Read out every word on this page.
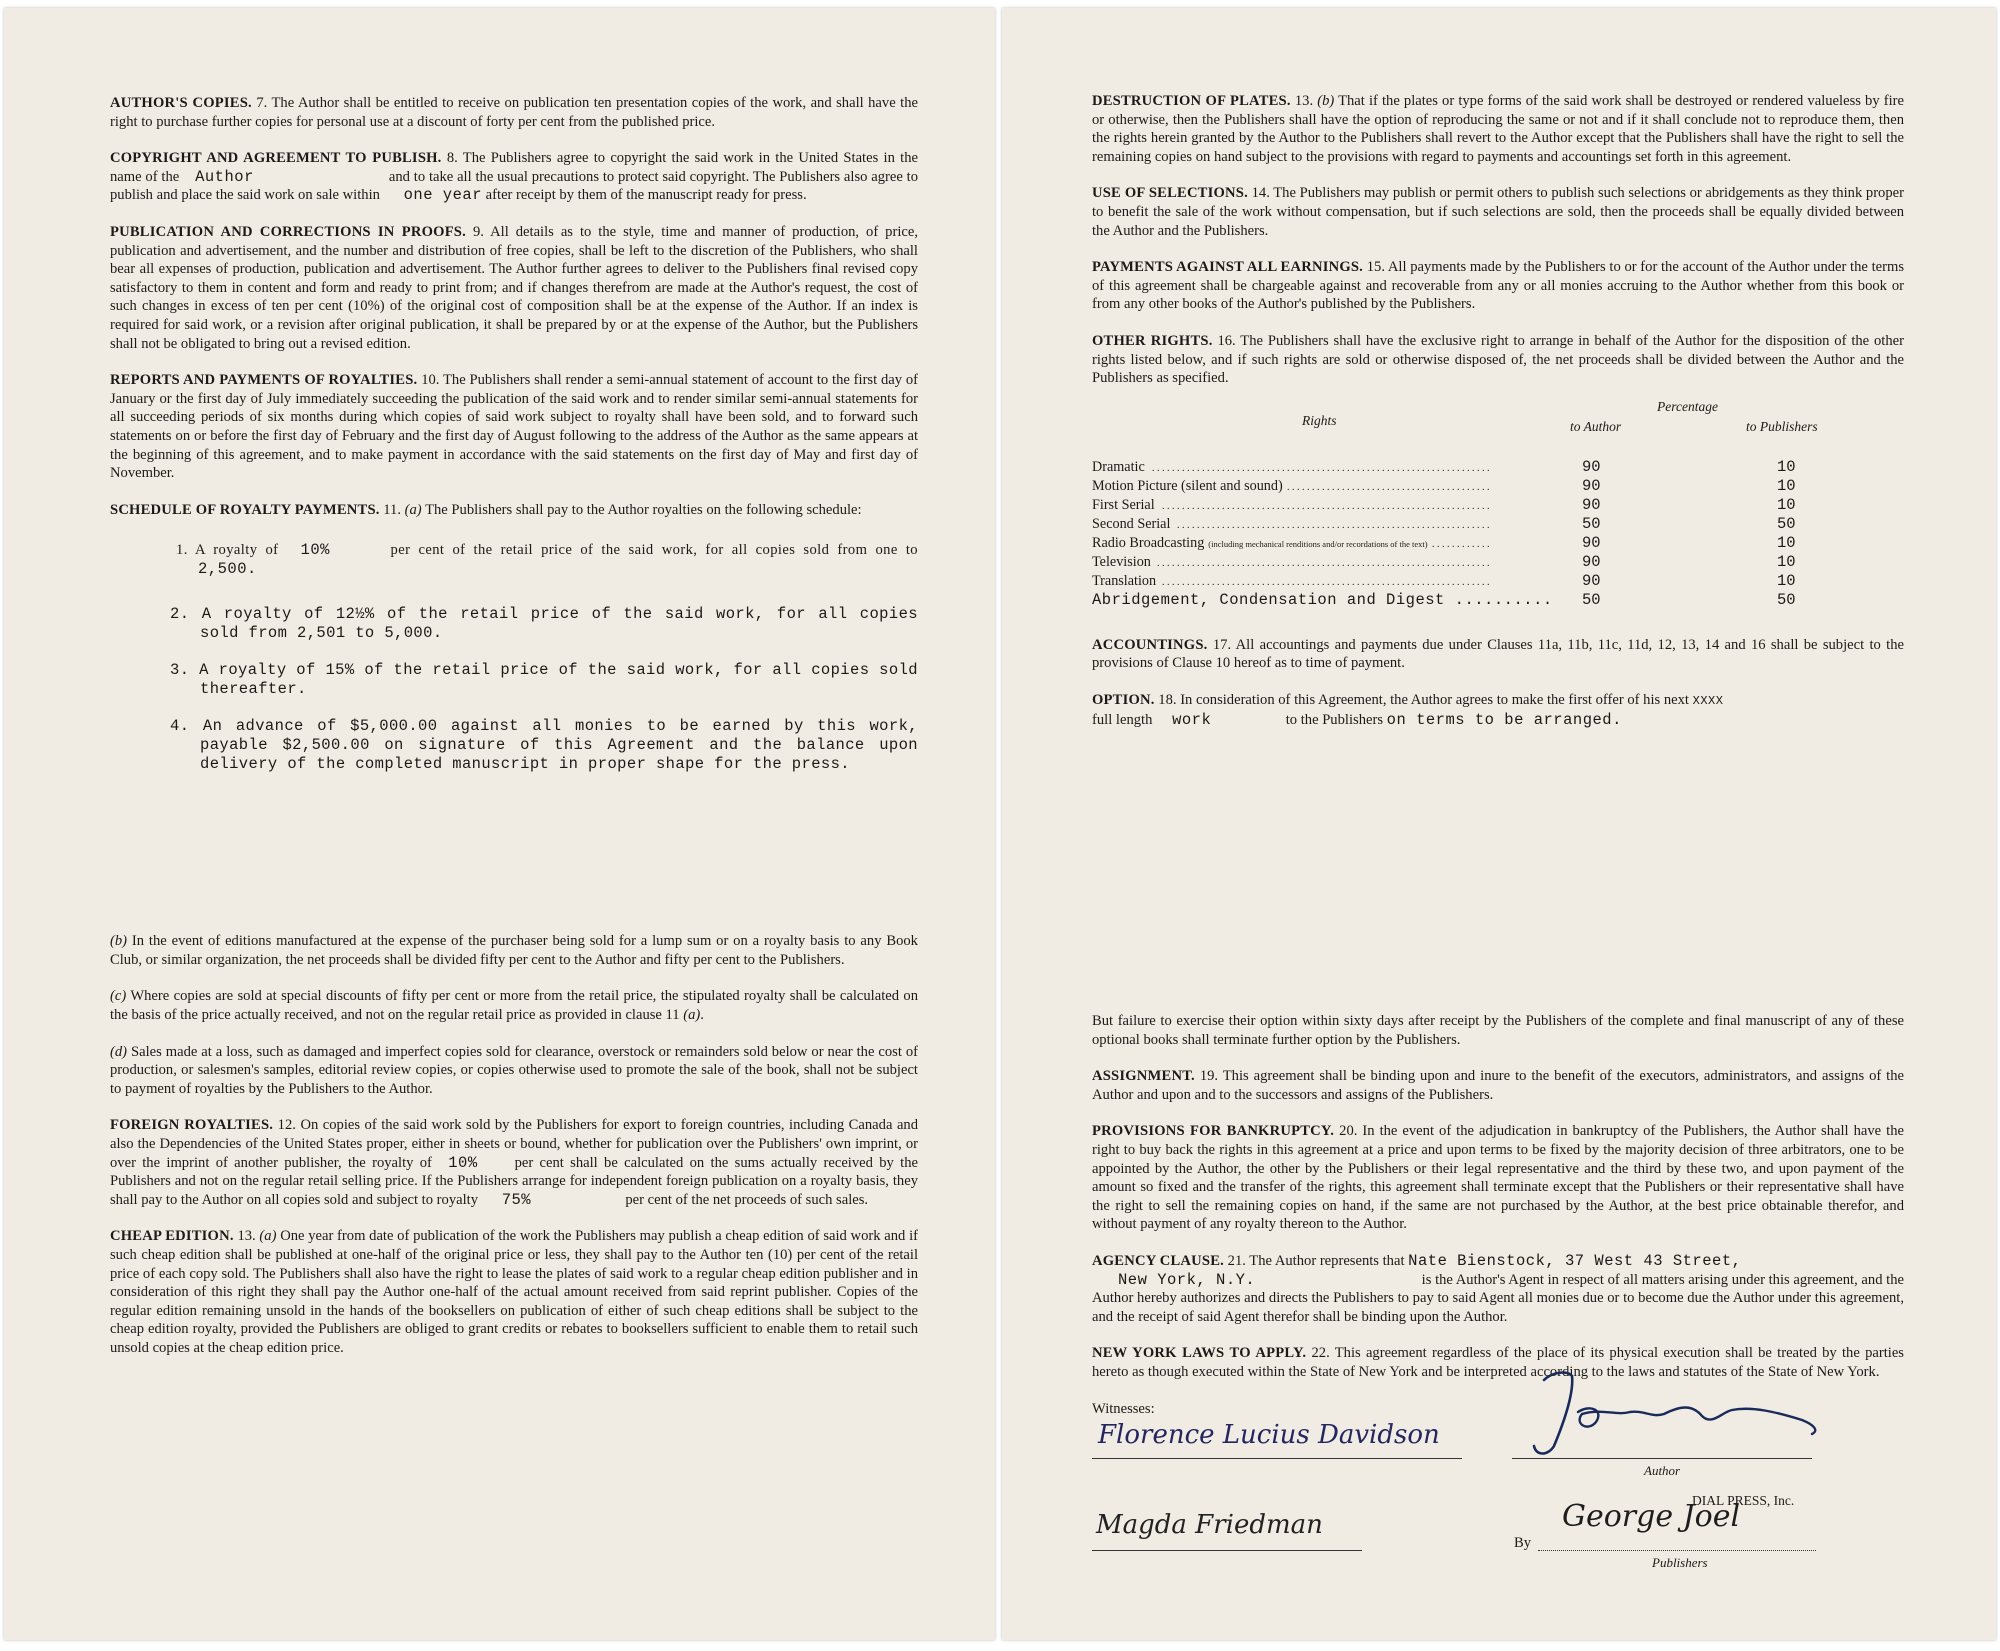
AUTHOR'S COPIES. 7. The Author shall be entitled to receive on publication ten presentation copies of the work, and shall have the right to purchase further copies for personal use at a discount of forty per cent from the published price.

COPYRIGHT AND AGREEMENT TO PUBLISH. 8. The Publishers agree to copyright the said work in the United States in the name of the Author	and to take all the usual precautions to protect said copyright. The Publishers also agree to publish and place the said work on sale within one year after receipt by them of the manuscript ready for press.

PUBLICATION AND CORRECTIONS IN PROOFS. 9. All details as to the style, time and manner of production, of price, publication and advertisement, and the number and distribution of free copies, shall be left to the discretion of the Publishers, who shall bear all expenses of production, publication and advertisement. The Author further agrees to deliver to the Publishers final revised copy satisfactory to them in content and form and ready to print from; and if changes therefrom are made at the Author's request, the cost of such changes in excess of ten per cent (10%) of the original cost of composition shall be at the expense of the Author. If an index is required for said work, or a revision after original publication, it shall be prepared by or at the expense of the Author, but the Publishers shall not be obligated to bring out a revised edition.

REPORTS AND PAYMENTS OF ROYALTIES. 10. The Publishers shall render a semi-annual statement of account to the first day of January or the first day of July immediately succeeding the publication of the said work and to render similar semi-annual statements for all succeeding periods of six months during which copies of said work subject to royalty shall have been sold, and to forward such statements on or before the first day of February and the first day of August following to the address of the Author as the same appears at the beginning of this agreement, and to make payment in accordance with the said statements on the first day of May and first day of November.

SCHEDULE OF ROYALTY PAYMENTS. 11. (a) The Publishers shall pay to the Author royalties on the following schedule:

1. A royalty of 10%	per cent of the retail price of the said work, for all copies sold from one to 2,500.
2. A royalty of 12½% of the retail price of the said work, for all copies sold from 2,501 to 5,000.
3. A royalty of 15% of the retail price of the said work, for all copies sold thereafter.
4. An advance of $5,000.00 against all monies to be earned by this work, payable $2,500.00 on signature of this Agreement and the balance upon delivery of the completed manuscript in proper shape for the press.

(b) In the event of editions manufactured at the expense of the purchaser being sold for a lump sum or on a royalty basis to any Book Club, or similar organization, the net proceeds shall be divided fifty per cent to the Author and fifty per cent to the Publishers.

(c) Where copies are sold at special discounts of fifty per cent or more from the retail price, the stipulated royalty shall be calculated on the basis of the price actually received, and not on the regular retail price as provided in clause 11 (a).

(d) Sales made at a loss, such as damaged and imperfect copies sold for clearance, overstock or remainders sold below or near the cost of production, or salesmen's samples, editorial review copies, or copies otherwise used to promote the sale of the book, shall not be subject to payment of royalties by the Publishers to the Author.

FOREIGN ROYALTIES. 12. On copies of the said work sold by the Publishers for export to foreign countries, including Canada and also the Dependencies of the United States proper, either in sheets or bound, whether for publication over the Publishers' own imprint, or over the imprint of another publisher, the royalty of 10%	per cent shall be calculated on the sums actually received by the Publishers and not on the regular retail selling price. If the Publishers arrange for independent foreign publication on a royalty basis, they shall pay to the Author on all copies sold and subject to royalty 75%	per cent of the net proceeds of such sales.

CHEAP EDITION. 13. (a) One year from date of publication of the work the Publishers may publish a cheap edition of said work and if such cheap edition shall be published at one-half of the original price or less, they shall pay to the Author ten (10) per cent of the retail price of each copy sold. The Publishers shall also have the right to lease the plates of said work to a regular cheap edition publisher and in consideration of this right they shall pay the Author one-half of the actual amount received from said reprint publisher. Copies of the regular edition remaining unsold in the hands of the booksellers on publication of either of such cheap editions shall be subject to the cheap edition royalty, provided the Publishers are obliged to grant credits or rebates to booksellers sufficient to enable them to retail such unsold copies at the cheap edition price.

DESTRUCTION OF PLATES. 13. (b) That if the plates or type forms of the said work shall be destroyed or rendered valueless by fire or otherwise, then the Publishers shall have the option of reproducing the same or not and if it shall conclude not to reproduce them, then the rights herein granted by the Author to the Publishers shall revert to the Author except that the Publishers shall have the right to sell the remaining copies on hand subject to the provisions with regard to payments and accountings set forth in this agreement.

USE OF SELECTIONS. 14. The Publishers may publish or permit others to publish such selections or abridgements as they think proper to benefit the sale of the work without compensation, but if such selections are sold, then the proceeds shall be equally divided between the Author and the Publishers.

PAYMENTS AGAINST ALL EARNINGS. 15. All payments made by the Publishers to or for the account of the Author under the terms of this agreement shall be chargeable against and recoverable from any or all monies accruing to the Author whether from this book or from any other books of the Author's published by the Publishers.

OTHER RIGHTS. 16. The Publishers shall have the exclusive right to arrange in behalf of the Author for the disposition of the other rights listed below, and if such rights are sold or otherwise disposed of, the net proceeds shall be divided between the Author and the Publishers as specified.

Rights
Percentage
to Author	to Publishers
. . .
Dramatic	90	10
. . .
Motion Picture (silent and sound)	90	10
. . .
First Serial	90	10
. . .
Second Serial	50	50
. . .
Radio Broadcasting (including mechanical renditions and/or recordations of the text)	90	10
. . .
Television	90	10
. . .
Translation	90	10
Abridgement, Condensation and Digest .......... 50	50

ACCOUNTINGS. 17. All accountings and payments due under Clauses 11a, 11b, 11c, 11d, 12, 13, 14 and 16 shall be subject to the provisions of Clause 10 hereof as to time of payment.

OPTION. 18. In consideration of this Agreement, the Author agrees to make the first offer of his next XXXX
full length work	to the Publishers on terms to be arranged.

But failure to exercise their option within sixty days after receipt by the Publishers of the complete and final manuscript of any of these optional books shall terminate further option by the Publishers.

ASSIGNMENT. 19. This agreement shall be binding upon and inure to the benefit of the executors, administrators, and assigns of the Author and upon and to the successors and assigns of the Publishers.

PROVISIONS FOR BANKRUPTCY. 20. In the event of the adjudication in bankruptcy of the Publishers, the Author shall have the right to buy back the rights in this agreement at a price and upon terms to be fixed by the majority decision of three arbitrators, one to be appointed by the Author, the other by the Publishers or their legal representative and the third by these two, and upon payment of the amount so fixed and the transfer of the rights, this agreement shall terminate except that the Publishers or their representative shall have the right to sell the remaining copies on hand, if the same are not purchased by the Author, at the best price obtainable therefor, and without payment of any royalty thereon to the Author.

AGENCY CLAUSE. 21. The Author represents that Nate Bienstock, 37 West 43 Street,
New York, N.Y.	is the Author's Agent in respect of all matters arising under this agreement, and the Author hereby authorizes and directs the Publishers to pay to said Agent all monies due or to become due the Author under this agreement, and the receipt of said Agent therefor shall be binding upon the Author.

NEW YORK LAWS TO APPLY. 22. This agreement regardless of the place of its physical execution shall be treated by the parties hereto as though executed within the State of New York and be interpreted according to the laws and statutes of the State of New York.

Witnesses:
Florence Lucius Davidson
Author
DIAL PRESS, Inc.
Magda Friedman
By
George Joel
Publishers
